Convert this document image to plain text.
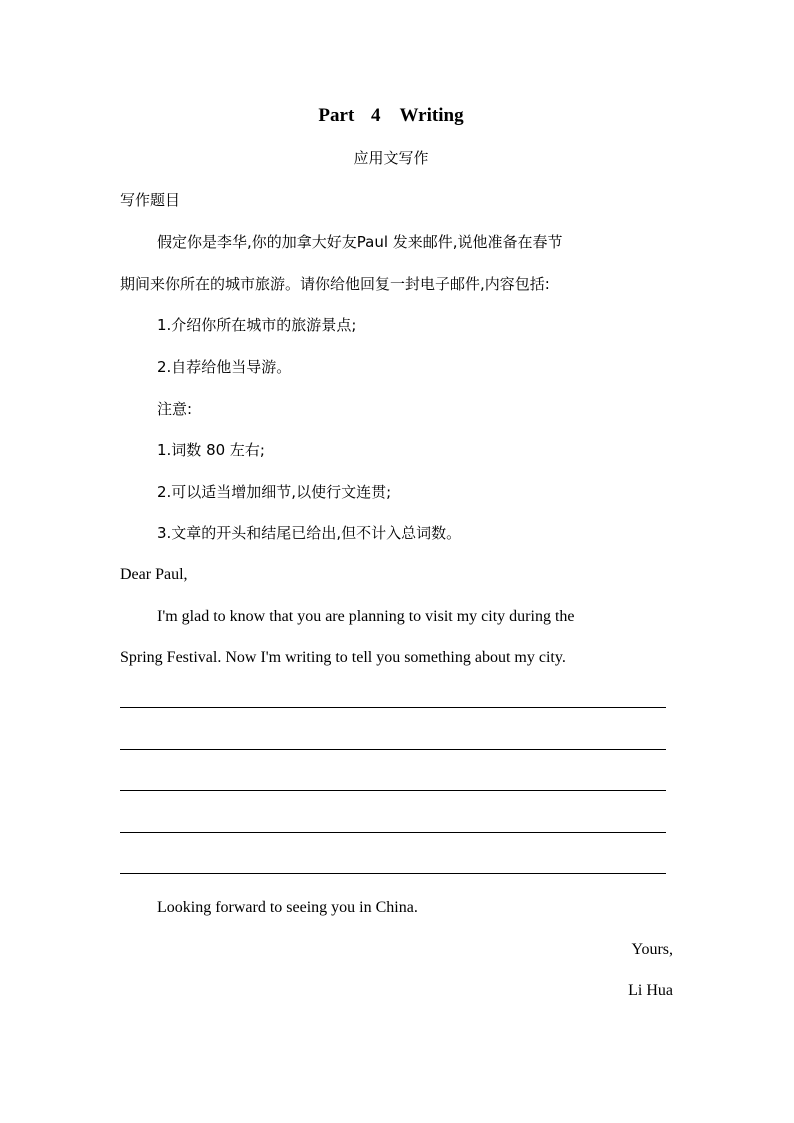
Part 4　Writing
应用文写作
写作题目
假定你是李华,你的加拿大好友Paul 发来邮件,说他准备在春节
期间来你所在的城市旅游。请你给他回复一封电子邮件,内容包括:
1.介绍你所在城市的旅游景点;
2.自荐给他当导游。
注意:
1.词数 80 左右;
2.可以适当增加细节,以使行文连贯;
3.文章的开头和结尾已给出,但不计入总词数。
Dear Paul,
I'm glad to know that you are planning to visit my city during the
Spring Festival. Now I'm writing to tell you something about my city.
Looking forward to seeing you in China.
Yours,
Li Hua
